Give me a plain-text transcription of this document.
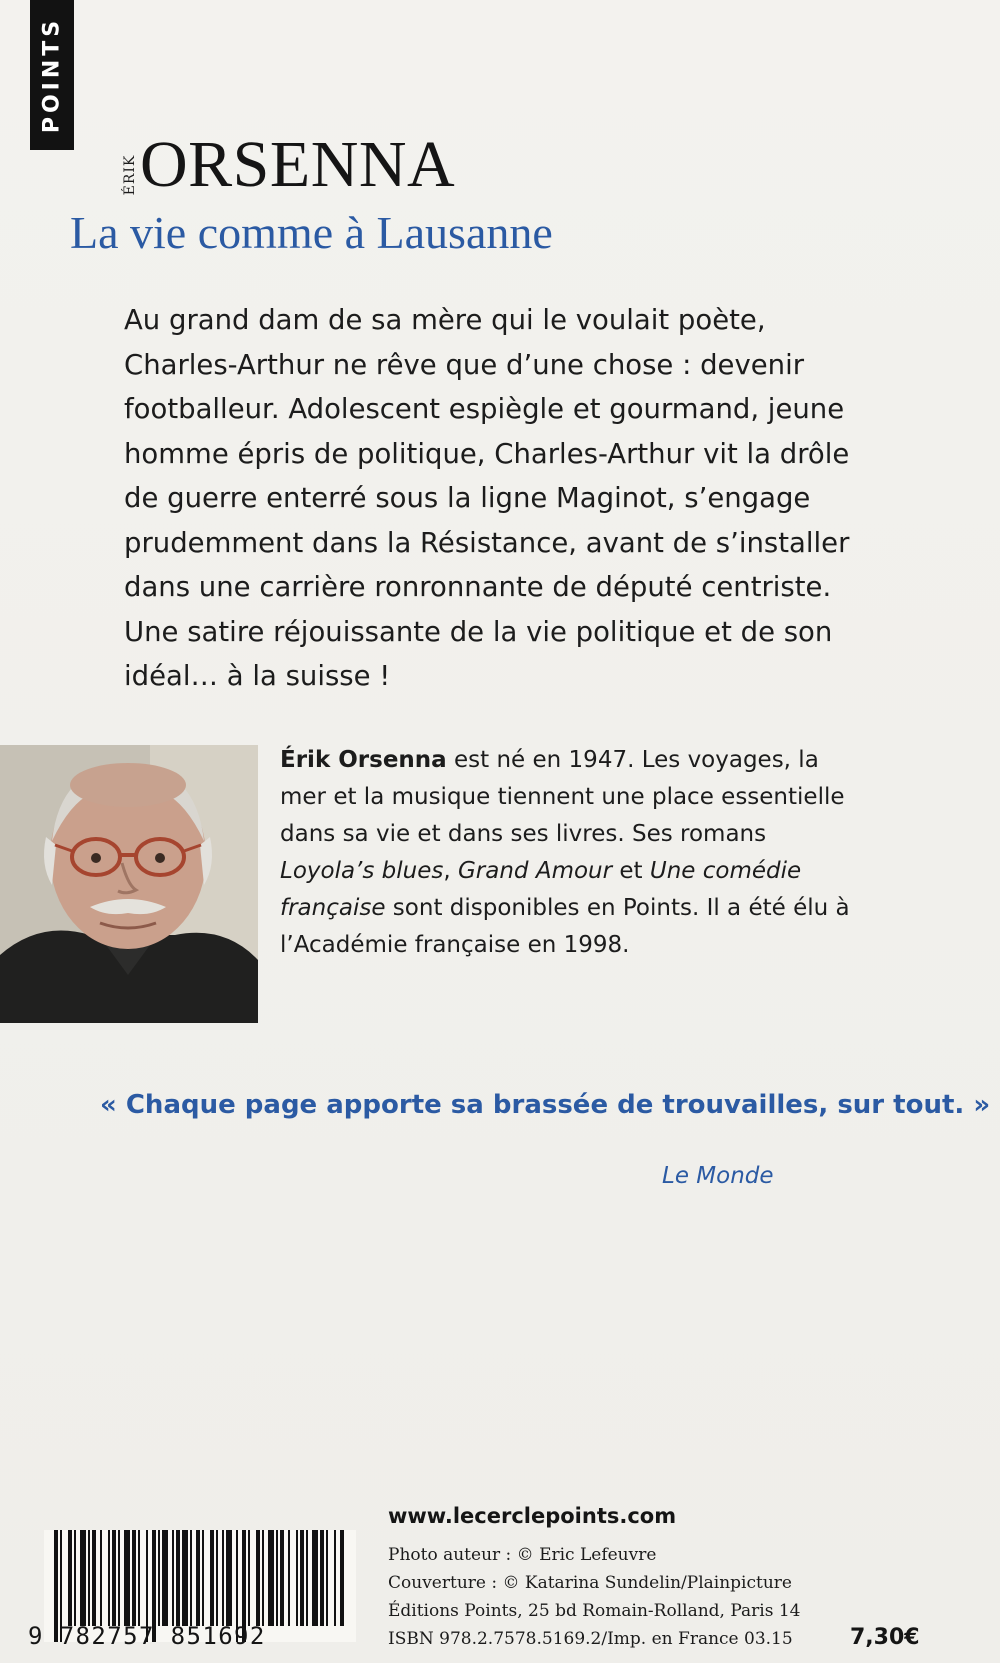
POINTS
ÉRIK ORSENNA
La vie comme à Lausanne
Au grand dam de sa mère qui le voulait poète, Charles-Arthur ne rêve que d’une chose : devenir footballeur. Adolescent espiègle et gourmand, jeune homme épris de politique, Charles-Arthur vit la drôle de guerre enterré sous la ligne Maginot, s’engage prudemment dans la Résistance, avant de s’installer dans une carrière ronronnante de député centriste. Une satire réjouissante de la vie politique et de son idéal… à la suisse !
Érik Orsenna est né en 1947. Les voyages, la mer et la musique tiennent une place essentielle dans sa vie et dans ses livres. Ses romans Loyola’s blues, Grand Amour et Une comédie française sont disponibles en Points. Il a été élu à l’Académie française en 1998.
« Chaque page apporte sa brassée de trouvailles, sur tout. »
Le Monde
www.lecerclepoints.com
Photo auteur : © Eric Lefeuvre
Couverture : © Katarina Sundelin/Plainpicture
Éditions Points, 25 bd Romain-Rolland, Paris 14
ISBN 978.2.7578.5169.2/Imp. en France 03.15
9 782757 851692	7,30€
